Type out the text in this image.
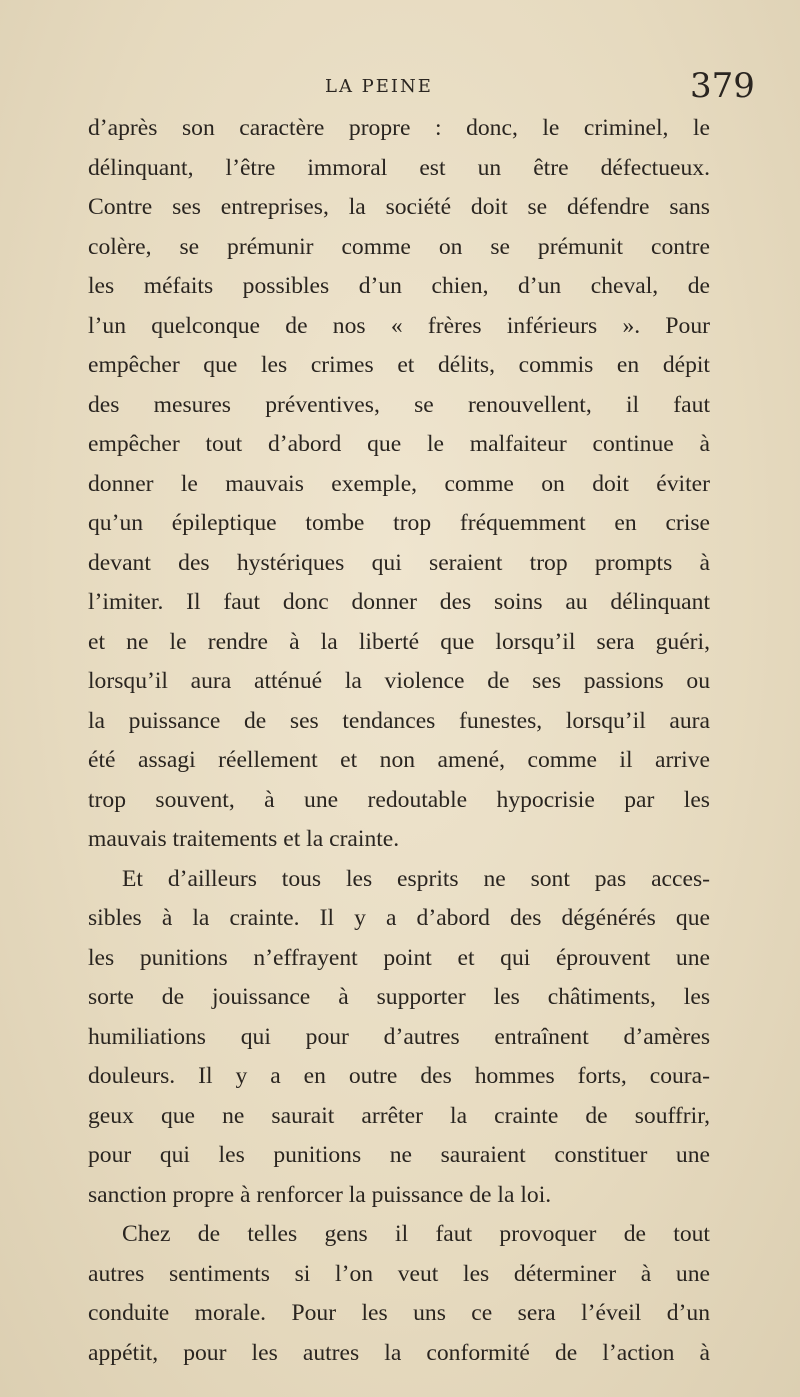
LA PEINE	379
d’après son caractère propre : donc, le criminel, le
délinquant, l’être immoral est un être défectueux.
Contre ses entreprises, la société doit se défendre sans
colère, se prémunir comme on se prémunit contre
les méfaits possibles d’un chien, d’un cheval, de
l’un quelconque de nos « frères inférieurs ». Pour
empêcher que les crimes et délits, commis en dépit
des mesures préventives, se renouvellent, il faut
empêcher tout d’abord que le malfaiteur continue à
donner le mauvais exemple, comme on doit éviter
qu’un épileptique tombe trop fréquemment en crise
devant des hystériques qui seraient trop prompts à
l’imiter. Il faut donc donner des soins au délinquant
et ne le rendre à la liberté que lorsqu’il sera guéri,
lorsqu’il aura atténué la violence de ses passions ou
la puissance de ses tendances funestes, lorsqu’il aura
été assagi réellement et non amené, comme il arrive
trop souvent, à une redoutable hypocrisie par les
mauvais traitements et la crainte.
Et d’ailleurs tous les esprits ne sont pas acces-
sibles à la crainte. Il y a d’abord des dégénérés que
les punitions n’effrayent point et qui éprouvent une
sorte de jouissance à supporter les châtiments, les
humiliations qui pour d’autres entraînent d’amères
douleurs. Il y a en outre des hommes forts, coura-
geux que ne saurait arrêter la crainte de souffrir,
pour qui les punitions ne sauraient constituer une
sanction propre à renforcer la puissance de la loi.
Chez de telles gens il faut provoquer de tout
autres sentiments si l’on veut les déterminer à une
conduite morale. Pour les uns ce sera l’éveil d’un
appétit, pour les autres la conformité de l’action à
